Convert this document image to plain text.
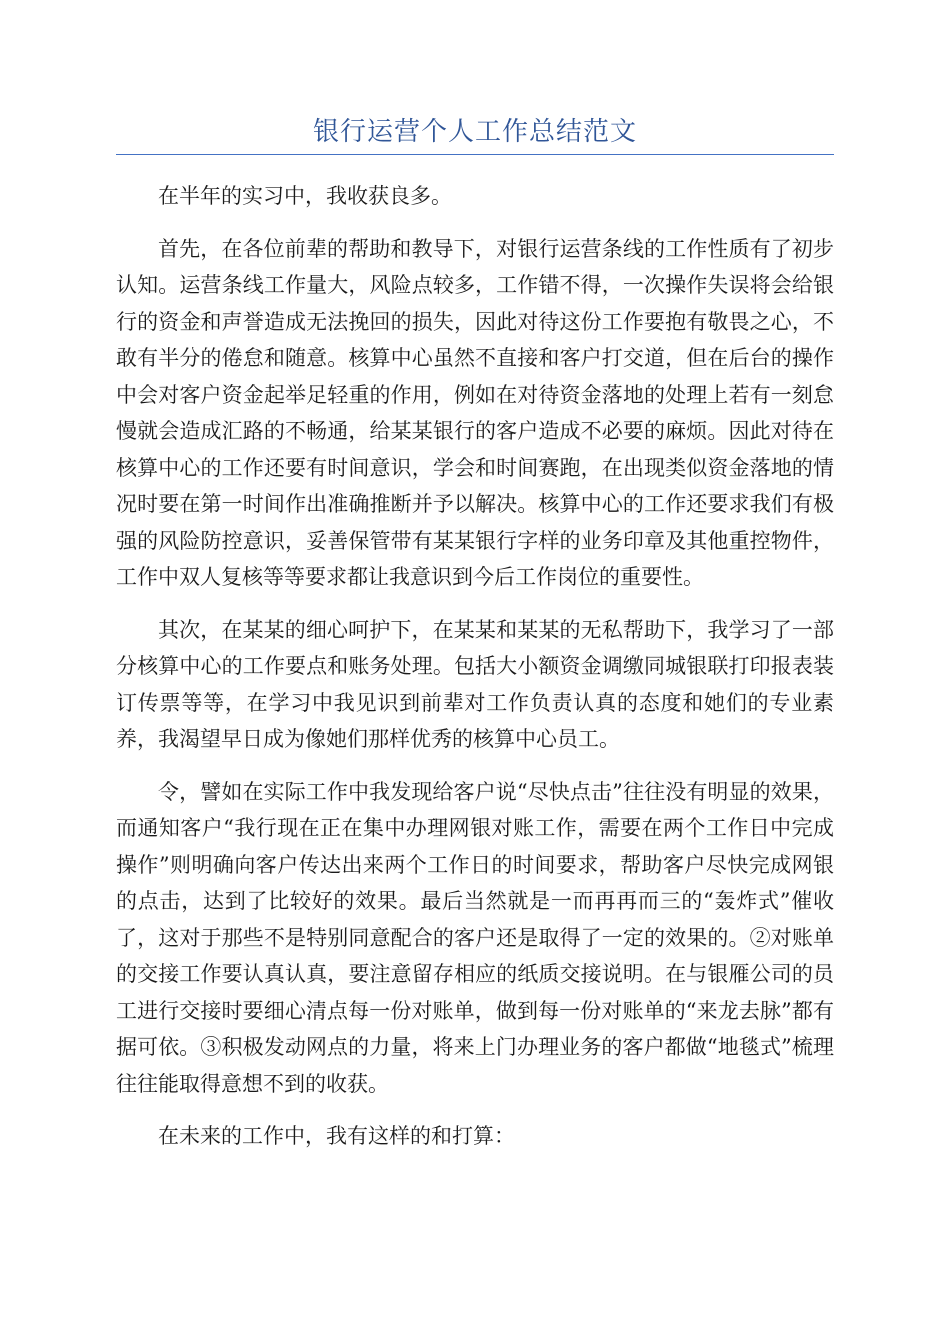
银行运营个人工作总结范文

在半年的实习中，我收获良多。

首先，在各位前辈的帮助和教导下，对银行运营条线的工作性质有了初步认知。运营条线工作量大，风险点较多，工作错不得，一次操作失误将会给银行的资金和声誉造成无法挽回的损失，因此对待这份工作要抱有敬畏之心，不敢有半分的倦怠和随意。核算中心虽然不直接和客户打交道，但在后台的操作中会对客户资金起举足轻重的作用，例如在对待资金落地的处理上若有一刻怠慢就会造成汇路的不畅通，给某某银行的客户造成不必要的麻烦。因此对待在核算中心的工作还要有时间意识，学会和时间赛跑，在出现类似资金落地的情况时要在第一时间作出准确推断并予以解决。核算中心的工作还要求我们有极强的风险防控意识，妥善保管带有某某银行字样的业务印章及其他重控物件，工作中双人复核等等要求都让我意识到今后工作岗位的重要性。

其次，在某某的细心呵护下，在某某和某某的无私帮助下，我学习了一部分核算中心的工作要点和账务处理。包括大小额资金调缴同城银联打印报表装订传票等等，在学习中我见识到前辈对工作负责认真的态度和她们的专业素养，我渴望早日成为像她们那样优秀的核算中心员工。

令，譬如在实际工作中我发现给客户说“尽快点击”往往没有明显的效果，而通知客户“我行现在正在集中办理网银对账工作，需要在两个工作日中完成操作”则明确向客户传达出来两个工作日的时间要求，帮助客户尽快完成网银的点击，达到了比较好的效果。最后当然就是一而再再而三的“轰炸式”催收了，这对于那些不是特别同意配合的客户还是取得了一定的效果的。②对账单的交接工作要认真认真，要注意留存相应的纸质交接说明。在与银雁公司的员工进行交接时要细心清点每一份对账单，做到每一份对账单的“来龙去脉”都有据可依。③积极发动网点的力量，将来上门办理业务的客户都做“地毯式”梳理往往能取得意想不到的收获。

在未来的工作中，我有这样的和打算：
